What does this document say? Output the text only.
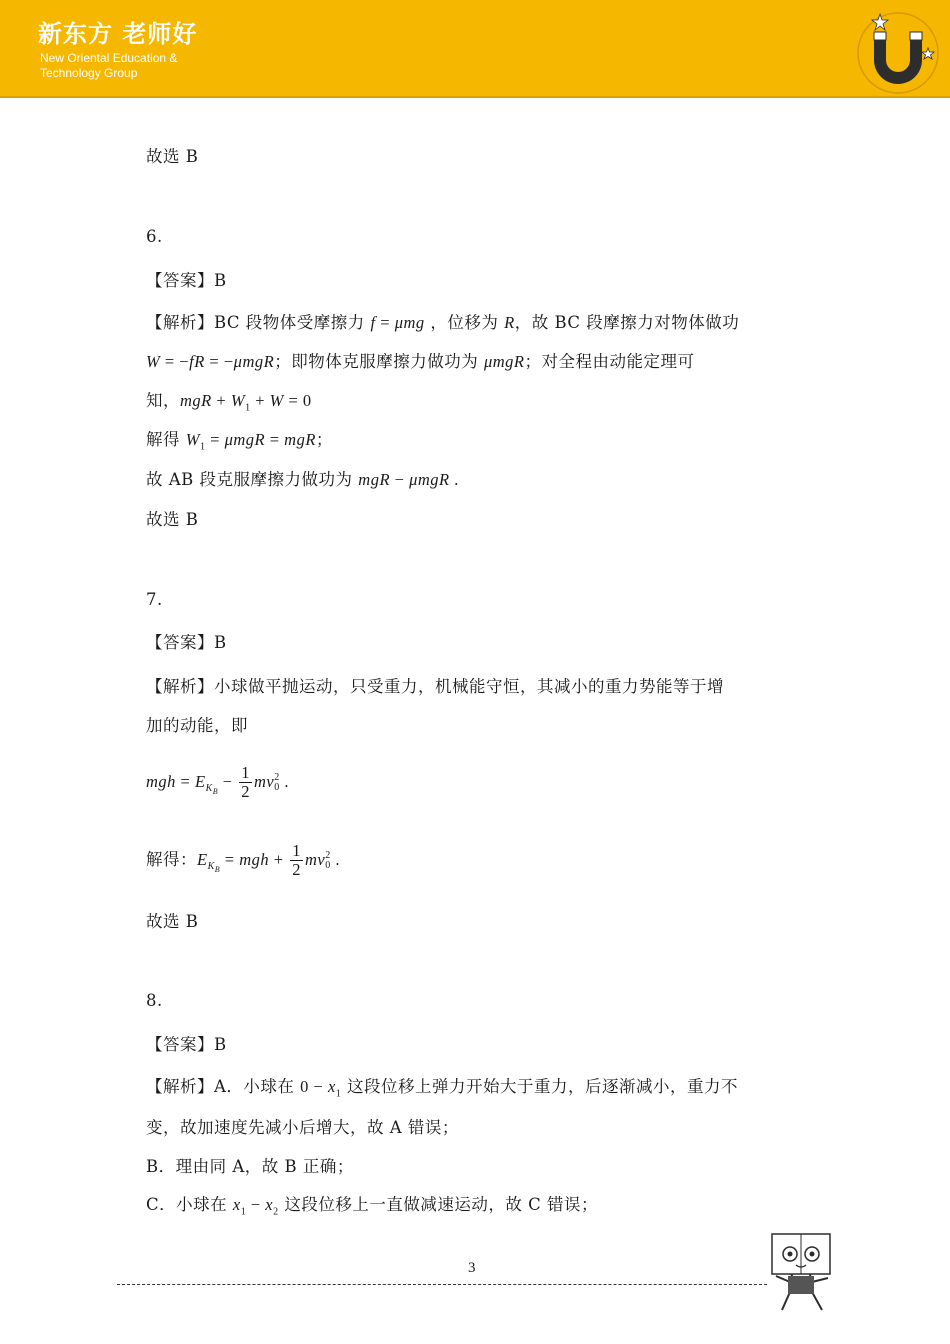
新东方 老师好
New Oriental Education &
Technology Group
故选 B
6.
【答案】B
【解析】BC 段物体受摩擦力 f = μmg ，位移为 R，故 BC 段摩擦力对物体做功
W = −fR = −μmgR；即物体克服摩擦力做功为 μmgR；对全程由动能定理可
知，mgR + $W_1 + W = 0$
解得 $W_1 = \mu mgR$ = mgR；
故 AB 段克服摩擦力做功为 mgR − μmgR .
故选 B
7.
【答案】B
【解析】小球做平抛运动，只受重力，机械能守恒，其减小的重力势能等于增
加的动能，即
mgh = $E_{K_B} - \frac{1}{2}$ mv 2
0 .
解得：$E_{K_B}$ = mgh + $\frac{1}{2}$ mv 2
0 .
故选 B
8.
【答案】B
【解析】A．小球在 $0 - x_1$ 这段位移上弹力开始大于重力，后逐渐减小，重力不
变，故加速度先减小后增大，故 A 错误；
B．理由同 A，故 B 正确；
C．小球在 $x_1 - x_2$ 这段位移上一直做减速运动，故 C 错误；
3
